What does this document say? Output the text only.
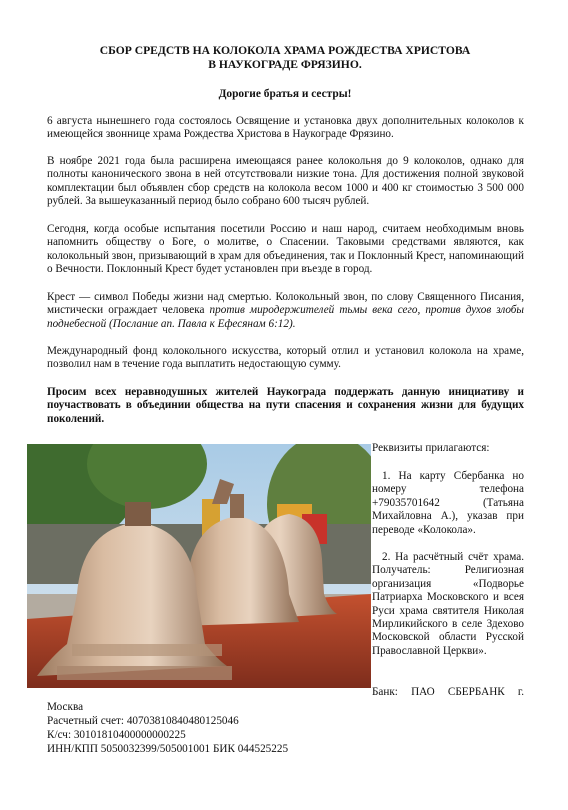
СБОР СРЕДСТВ НА КОЛОКОЛА ХРАМА РОЖДЕСТВА ХРИСТОВА
В НАУКОГРАДЕ ФРЯЗИНО.
Дорогие братья и сестры!

6 августа нынешнего года состоялось Освящение и установка двух дополнительных колоколов к имеющейся звоннице храма Рождества Христова в Наукограде Фрязино.

В ноябре 2021 года была расширена имеющаяся ранее колокольня до 9 колоколов, однако для полноты канонического звона в ней отсутствовали низкие тона. Для достижения полной звуковой комплектации был объявлен сбор средств на колокола весом 1000 и 400 кг стоимостью 3 500 000 рублей. За вышеуказанный период было собрано 600 тысяч рублей.

Сегодня, когда особые испытания посетили Россию и наш народ, считаем необходимым вновь напомнить обществу о Боге, о молитве, о Спасении. Таковыми средствами являются, как колокольный звон, призывающий в храм для объединения, так и Поклонный Крест, напоминающий о Вечности. Поклонный Крест будет установлен при въезде в город.

Крест — символ Победы жизни над смертью. Колокольный звон, по слову Священного Писания, мистически ограждает человека против миродержителей тьмы века сего, против духов злобы поднебесной (Послание ап. Павла к Ефесянам 6:12).

Международный фонд колокольного искусства, который отлил и установил колокола на храме, позволил нам в течение года выплатить недостающую сумму.

Просим всех неравнодушных жителей Наукограда поддержать данную инициативу и поучаствовать в объединии общества на пути спасения и сохранения жизни для будущих поколений.

Реквизиты прилагаются:
1. На карту Сбербанка но номеру телефона +79035701642 (Татьяна Михайловна А.), указав при переводе «Колокола».
2. На расчётный счёт храма. Получатель: Религиозная организация «Подворье Патриарха Московского и всея Руси храма святителя Николая Мирликийского в селе Здехово Московской области Русской Православной Церкви».
Банк: ПАО СБЕРБАНК г.
Москва
Расчетный счет: 40703810840480125046
К/сч: 30101810400000000225
ИНН/КПП 5050032399/505001001 БИК 044525225
